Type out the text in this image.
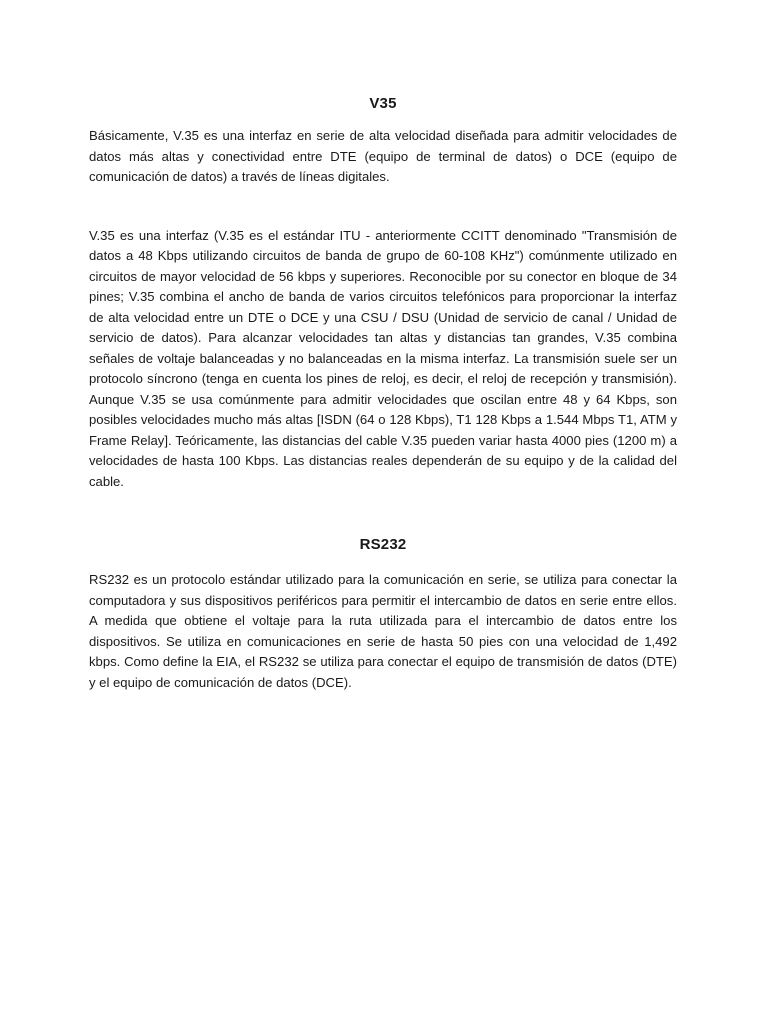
V35

Básicamente, V.35 es una interfaz en serie de alta velocidad diseñada para admitir velocidades de datos más altas y conectividad entre DTE (equipo de terminal de datos) o DCE (equipo de comunicación de datos) a través de líneas digitales.

V.35 es una interfaz (V.35 es el estándar ITU - anteriormente CCITT denominado "Transmisión de datos a 48 Kbps utilizando circuitos de banda de grupo de 60-108 KHz") comúnmente utilizado en circuitos de mayor velocidad de 56 kbps y superiores. Reconocible por su conector en bloque de 34 pines; V.35 combina el ancho de banda de varios circuitos telefónicos para proporcionar la interfaz de alta velocidad entre un DTE o DCE y una CSU / DSU (Unidad de servicio de canal / Unidad de servicio de datos). Para alcanzar velocidades tan altas y distancias tan grandes, V.35 combina señales de voltaje balanceadas y no balanceadas en la misma interfaz. La transmisión suele ser un protocolo síncrono (tenga en cuenta los pines de reloj, es decir, el reloj de recepción y transmisión). Aunque V.35 se usa comúnmente para admitir velocidades que oscilan entre 48 y 64 Kbps, son posibles velocidades mucho más altas [ISDN (64 o 128 Kbps), T1 128 Kbps a 1.544 Mbps T1, ATM y Frame Relay]. Teóricamente, las distancias del cable V.35 pueden variar hasta 4000 pies (1200 m) a velocidades de hasta 100 Kbps. Las distancias reales dependerán de su equipo y de la calidad del cable.

RS232

RS232 es un protocolo estándar utilizado para la comunicación en serie, se utiliza para conectar la computadora y sus dispositivos periféricos para permitir el intercambio de datos en serie entre ellos. A medida que obtiene el voltaje para la ruta utilizada para el intercambio de datos entre los dispositivos. Se utiliza en comunicaciones en serie de hasta 50 pies con una velocidad de 1,492 kbps. Como define la EIA, el RS232 se utiliza para conectar el equipo de transmisión de datos (DTE) y el equipo de comunicación de datos (DCE).
